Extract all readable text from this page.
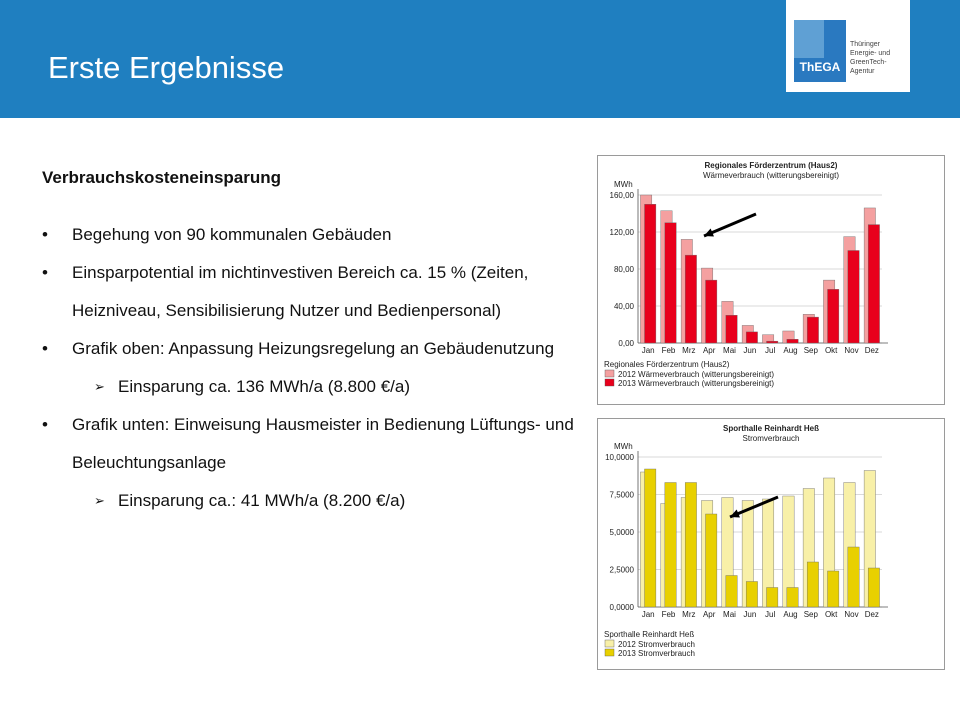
Erste Ergebnisse	ThEGA
Thüringer
Energie- und
GreenTech-
Agentur
Verbrauchskosteneinsparung
• Begehung von 90 kommunalen Gebäuden
• Einsparpotential im nichtinvestiven Bereich ca. 15 % (Zeiten, Heizniveau, Sensibilisierung Nutzer und Bedienpersonal)
• Grafik oben: Anpassung Heizungsregelung an Gebäudenutzung
➢ Einsparung ca. 136 MWh/a (8.800 €/a)
• Grafik unten: Einweisung Hausmeister in Bedienung Lüftungs- und Beleuchtungsanlage
➢ Einsparung ca.: 41 MWh/a (8.200 €/a)
Regionales Förderzentrum (Haus2)
Wärmeverbrauch (witterungsbereinigt)
MWh
0,00
40,00
80,00
120,00
160,00
Jan Feb Mrz Apr Mai Jun Jul Aug Sep Okt Nov Dez
Regionales Förderzentrum (Haus2)
2012 Wärmeverbrauch (witterungsbereinigt)
2013 Wärmeverbrauch (witterungsbereinigt)
Sporthalle Reinhardt Heß
Stromverbrauch
MWh
0,0000
2,5000
5,0000
7,5000
10,0000
Jan Feb Mrz Apr Mai Jun Jul Aug Sep Okt Nov Dez
Sporthalle Reinhardt Heß
2012 Stromverbrauch
2013 Stromverbrauch
